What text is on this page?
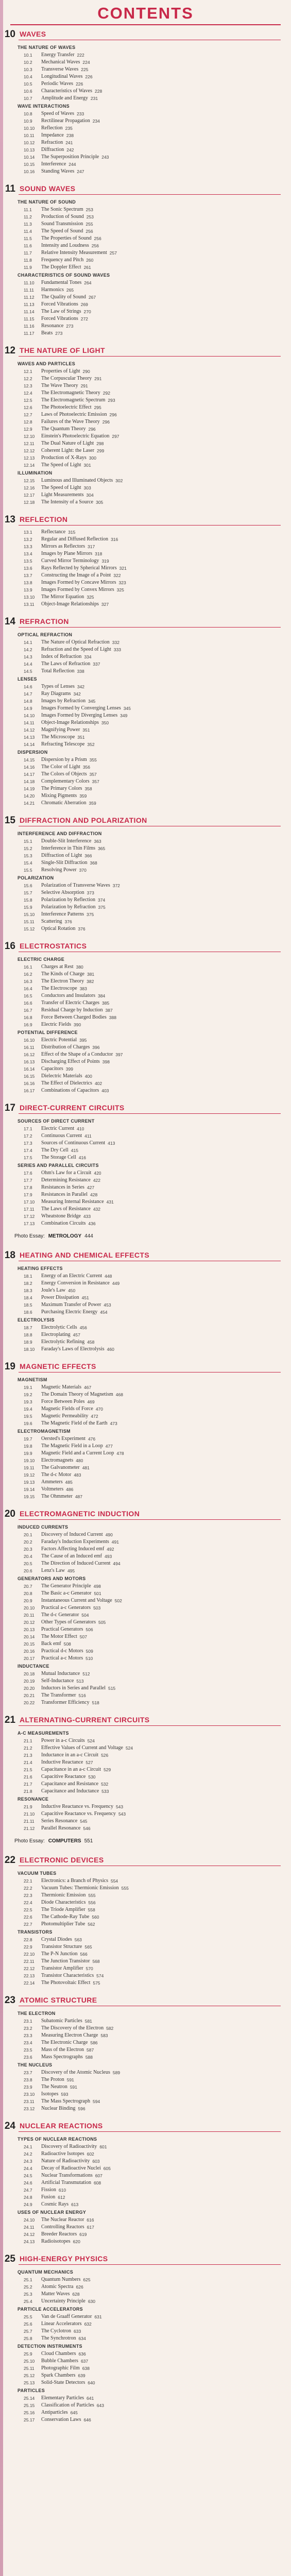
CONTENTS
10 WAVES
THE NATURE OF WAVES
10.1	Energy Transfer 222
10.2	Mechanical Waves 224
10.3	Transverse Waves 225
10.4	Longitudinal Waves 226
10.5	Periodic Waves 226
10.6	Characteristics of Waves 228
10.7	Amplitude and Energy 231
WAVE INTERACTIONS
10.8	Speed of Waves 233
10.9	Rectilinear Propagation 234
10.10	Reflection 235
10.11	Impedance 238
10.12	Refraction 241
10.13	Diffraction 242
10.14	The Superposition Principle 243
10.15	Interference 244
10.16	Standing Waves 247
11 SOUND WAVES
THE NATURE OF SOUND
11.1	The Sonic Spectrum 253
11.2	Production of Sound 253
11.3	Sound Transmission 255
11.4	The Speed of Sound 256
11.5	The Properties of Sound 256
11.6	Intensity and Loudness 256
11.7	Relative Intensity Measurement 257
11.8	Frequency and Pitch 260
11.9	The Doppler Effect 261
CHARACTERISTICS OF SOUND WAVES
11.10	Fundamental Tones 264
11.11	Harmonics 265
11.12	The Quality of Sound 267
11.13	Forced Vibrations 269
11.14	The Law of Strings 270
11.15	Forced Vibrations 272
11.16	Resonance 273
11.17	Beats 273
12 THE NATURE OF LIGHT
WAVES AND PARTICLES
12.1	Properties of Light 290
12.2	The Corpuscular Theory 291
12.3	The Wave Theory 291
12.4	The Electromagnetic Theory 292
12.5	The Electromagnetic Spectrum 293
12.6	The Photoelectric Effect 295
12.7	Laws of Photoelectric Emission 296
12.8	Failures of the Wave Theory 296
12.9	The Quantum Theory 296
12.10	Einstein's Photoelectric Equation 297
12.11	The Dual Nature of Light 298
12.12	Coherent Light: the Laser 299
12.13	Production of X-Rays 300
12.14	The Speed of Light 301
ILLUMINATION
12.15	Luminous and Illuminated Objects 302
12.16	The Speed of Light 303
12.17	Light Measurements 304
12.18	The Intensity of a Source 305
13 REFLECTION
13.1	Reflectance 315
13.2	Regular and Diffused Reflection 316
13.3	Mirrors as Reflectors 317
13.4	Images by Plane Mirrors 318
13.5	Curved Mirror Terminology 319
13.6	Rays Reflected by Spherical Mirrors 321
13.7	Constructing the Image of a Point 322
13.8	Images Formed by Concave Mirrors 323
13.9	Images Formed by Convex Mirrors 325
13.10	The Mirror Equation 325
13.11	Object-Image Relationships 327
14 REFRACTION
OPTICAL REFRACTION
14.1	The Nature of Optical Refraction 332
14.2	Refraction and the Speed of Light 333
14.3	Index of Refraction 334
14.4	The Laws of Refraction 337
14.5	Total Reflection 338
LENSES
14.6	Types of Lenses 342
14.7	Ray Diagrams 342
14.8	Images by Refraction 345
14.9	Images Formed by Converging Lenses 345
14.10	Images Formed by Diverging Lenses 349
14.11	Object-Image Relationships 350
14.12	Magnifying Power 351
14.13	The Microscope 351
14.14	Refracting Telescope 352
DISPERSION
14.15	Dispersion by a Prism 355
14.16	The Color of Light 356
14.17	The Colors of Objects 357
14.18	Complementary Colors 357
14.19	The Primary Colors 358
14.20	Mixing Pigments 359
14.21	Chromatic Aberration 359
15 DIFFRACTION AND POLARIZATION
INTERFERENCE AND DIFFRACTION
15.1	Double-Slit Interference 363
15.2	Interference in Thin Films 365
15.3	Diffraction of Light 366
15.4	Single-Slit Diffraction 368
15.5	Resolving Power 370
POLARIZATION
15.6	Polarization of Transverse Waves 372
15.7	Selective Absorption 373
15.8	Polarization by Reflection 374
15.9	Polarization by Refraction 375
15.10	Interference Patterns 375
15.11	Scattering 376
15.12	Optical Rotation 376
16 ELECTROSTATICS
ELECTRIC CHARGE
16.1	Charges at Rest 380
16.2	The Kinds of Charge 381
16.3	The Electron Theory 382
16.4	The Electroscope 383
16.5	Conductors and Insulators 384
16.6	Transfer of Electric Charges 385
16.7	Residual Charge by Induction 387
16.8	Force Between Charged Bodies 388
16.9	Electric Fields 390
POTENTIAL DIFFERENCE
16.10	Electric Potential 395
16.11	Distribution of Charges 396
16.12	Effect of the Shape of a Conductor 397
16.13	Discharging Effect of Points 398
16.14	Capacitors 399
16.15	Dielectric Materials 400
16.16	The Effect of Dielectrics 402
16.17	Combinations of Capacitors 403
17 DIRECT-CURRENT CIRCUITS
SOURCES OF DIRECT CURRENT
17.1	Electric Current 410
17.2	Continuous Current 411
17.3	Sources of Continuous Current 413
17.4	The Dry Cell 415
17.5	The Storage Cell 416
SERIES AND PARALLEL CIRCUITS
17.6	Ohm's Law for a Circuit 420
17.7	Determining Resistance 422
17.8	Resistances in Series 427
17.9	Resistances in Parallel 428
17.10	Measuring Internal Resistance 431
17.11	The Laws of Resistance 432
17.12	Wheatstone Bridge 433
17.13	Combination Circuits 436
Photo Essay: METROLOGY 444
18 HEATING AND CHEMICAL EFFECTS
HEATING EFFECTS
18.1	Energy of an Electric Current 448
18.2	Energy Conversion in Resistance 449
18.3	Joule's Law 450
18.4	Power Dissipation 451
18.5	Maximum Transfer of Power 453
18.6	Purchasing Electric Energy 454
ELECTROLYSIS
18.7	Electrolytic Cells 456
18.8	Electroplating 457
18.9	Electrolytic Refining 458
18.10	Faraday's Laws of Electrolysis 460
19 MAGNETIC EFFECTS
MAGNETISM
19.1	Magnetic Materials 467
19.2	The Domain Theory of Magnetism 468
19.3	Force Between Poles 469
19.4	Magnetic Fields of Force 470
19.5	Magnetic Permeability 472
19.6	The Magnetic Field of the Earth 473
ELECTROMAGNETISM
19.7	Oersted's Experiment 476
19.8	The Magnetic Field in a Loop 477
19.9	Magnetic Field and a Current Loop 478
19.10	Electromagnets 480
19.11	The Galvanometer 481
19.12	The d-c Motor 483
19.13	Ammeters 485
19.14	Voltmeters 486
19.15	The Ohmmeter 487
20 ELECTROMAGNETIC INDUCTION
INDUCED CURRENTS
20.1	Discovery of Induced Current 490
20.2	Faraday's Induction Experiments 491
20.3	Factors Affecting Induced emf 492
20.4	The Cause of an Induced emf 493
20.5	The Direction of Induced Current 494
20.6	Lenz's Law 495
GENERATORS AND MOTORS
20.7	The Generator Principle 498
20.8	The Basic a-c Generator 501
20.9	Instantaneous Current and Voltage 502
20.10	Practical a-c Generators 503
20.11	The d-c Generator 504
20.12	Other Types of Generators 505
20.13	Practical Generators 506
20.14	The Motor Effect 507
20.15	Back emf 508
20.16	Practical d-c Motors 509
20.17	Practical a-c Motors 510
INDUCTANCE
20.18	Mutual Inductance 512
20.19	Self-Inductance 513
20.20	Inductors in Series and Parallel 515
20.21	The Transformer 516
20.22	Transformer Efficiency 518
21 ALTERNATING-CURRENT CIRCUITS
A-C MEASUREMENTS
21.1	Power in a-c Circuits 524
21.2	Effective Values of Current and Voltage 524
21.3	Inductance in an a-c Circuit 526
21.4	Inductive Reactance 527
21.5	Capacitance in an a-c Circuit 529
21.6	Capacitive Reactance 530
21.7	Capacitance and Resistance 532
21.8	Capacitance and Inductance 533
RESONANCE
21.9	Inductive Reactance vs. Frequency 543
21.10	Capacitive Reactance vs. Frequency 543
21.11	Series Resonance 545
21.12	Parallel Resonance 546
Photo Essay: COMPUTERS 551
22 ELECTRONIC DEVICES
VACUUM TUBES
22.1	Electronics: a Branch of Physics 554
22.2	Vacuum Tubes: Thermionic Emission 555
22.3	Thermionic Emission 555
22.4	Diode Characteristics 556
22.5	The Triode Amplifier 558
22.6	The Cathode-Ray Tube 560
22.7	Photomultiplier Tube 562
TRANSISTORS
22.8	Crystal Diodes 563
22.9	Transistor Structure 565
22.10	The P-N Junction 566
22.11	The Junction Transistor 568
22.12	Transistor Amplifier 570
22.13	Transistor Characteristics 574
22.14	The Photovoltaic Effect 575
23 ATOMIC STRUCTURE
THE ELECTRON
23.1	Subatomic Particles 581
23.2	The Discovery of the Electron 582
23.3	Measuring Electron Charge 583
23.4	The Electronic Charge 586
23.5	Mass of the Electron 587
23.6	Mass Spectrographs 588
THE NUCLEUS
23.7	Discovery of the Atomic Nucleus 589
23.8	The Proton 591
23.9	The Neutron 591
23.10	Isotopes 593
23.11	The Mass Spectrograph 594
23.12	Nuclear Binding 596
24 NUCLEAR REACTIONS
TYPES OF NUCLEAR REACTIONS
24.1	Discovery of Radioactivity 601
24.2	Radioactive Isotopes 602
24.3	Nature of Radioactivity 603
24.4	Decay of Radioactive Nuclei 605
24.5	Nuclear Transformations 607
24.6	Artificial Transmutation 608
24.7	Fission 610
24.8	Fusion 612
24.9	Cosmic Rays 613
USES OF NUCLEAR ENERGY
24.10	The Nuclear Reactor 616
24.11	Controlling Reactors 617
24.12	Breeder Reactors 619
24.13	Radioisotopes 620
25 HIGH-ENERGY PHYSICS
QUANTUM MECHANICS
25.1	Quantum Numbers 625
25.2	Atomic Spectra 626
25.3	Matter Waves 628
25.4	Uncertainty Principle 630
PARTICLE ACCELERATORS
25.5	Van de Graaff Generator 631
25.6	Linear Accelerators 632
25.7	The Cyclotron 633
25.8	The Synchrotron 634
DETECTION INSTRUMENTS
25.9	Cloud Chambers 636
25.10	Bubble Chambers 637
25.11	Photographic Film 638
25.12	Spark Chambers 639
25.13	Solid-State Detectors 640
PARTICLES
25.14	Elementary Particles 641
25.15	Classification of Particles 643
25.16	Antiparticles 645
25.17	Conservation Laws 646
